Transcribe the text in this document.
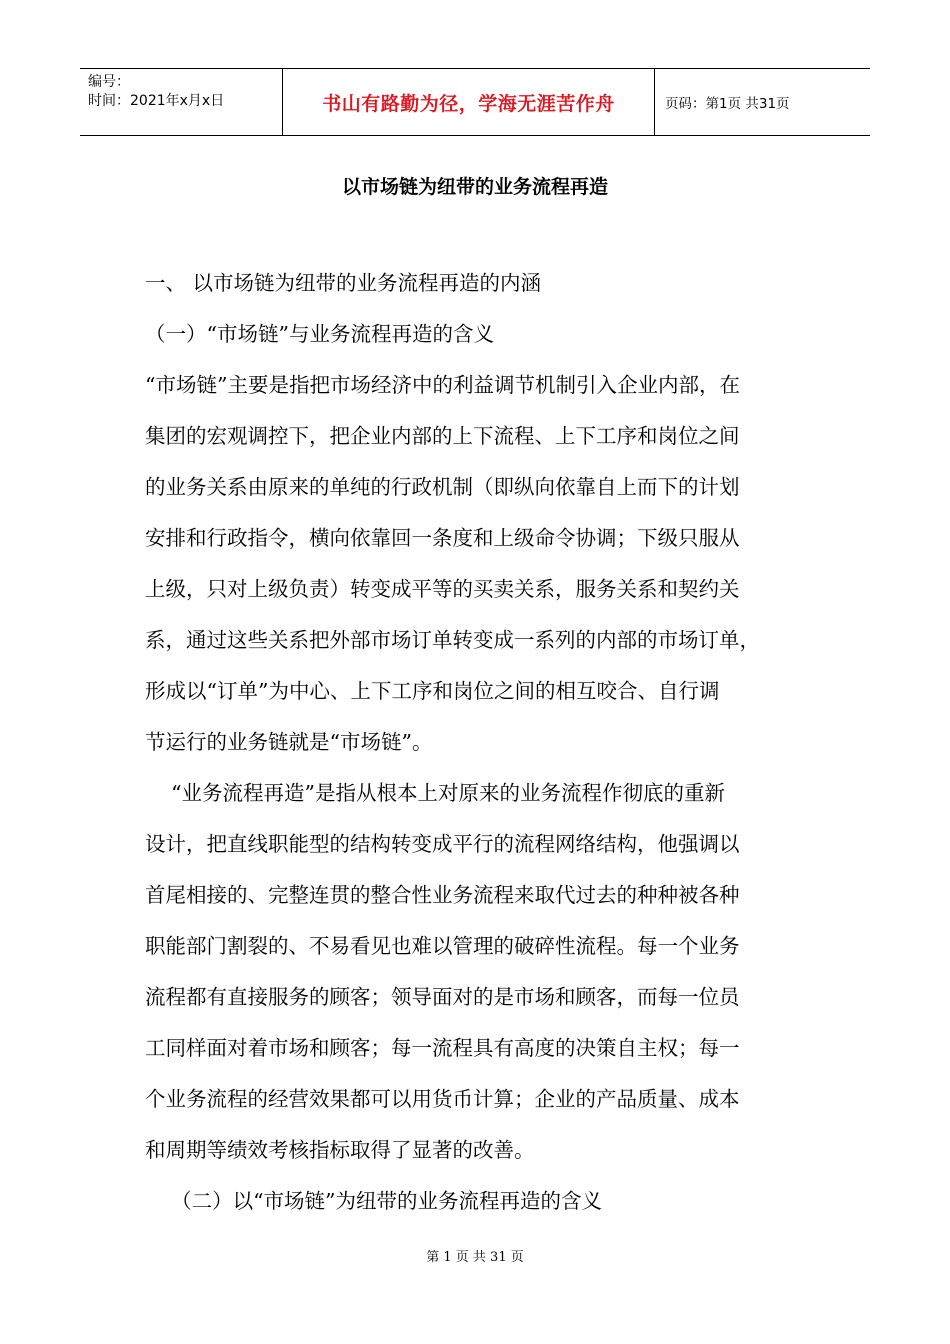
编号：
时间：2021年x月x日	书山有路勤为径，学海无涯苦作舟	页码：第1页 共31页
以市场链为纽带的业务流程再造
一、 以市场链为纽带的业务流程再造的内涵
（一）“市场链”与业务流程再造的含义
“市场链”主要是指把市场经济中的利益调节机制引入企业内部，在
集团的宏观调控下，把企业内部的上下流程、上下工序和岗位之间
的业务关系由原来的单纯的行政机制（即纵向依靠自上而下的计划
安排和行政指令，横向依靠回一条度和上级命令协调；下级只服从
上级，只对上级负责）转变成平等的买卖关系，服务关系和契约关
系，通过这些关系把外部市场订单转变成一系列的内部的市场订单，
形成以“订单”为中心、上下工序和岗位之间的相互咬合、自行调
节运行的业务链就是“市场链”。
“业务流程再造”是指从根本上对原来的业务流程作彻底的重新
设计，把直线职能型的结构转变成平行的流程网络结构，他强调以
首尾相接的、完整连贯的整合性业务流程来取代过去的种种被各种
职能部门割裂的、不易看见也难以管理的破碎性流程。每一个业务
流程都有直接服务的顾客；领导面对的是市场和顾客，而每一位员
工同样面对着市场和顾客；每一流程具有高度的决策自主权；每一
个业务流程的经营效果都可以用货币计算；企业的产品质量、成本
和周期等绩效考核指标取得了显著的改善。
（二）以“市场链”为纽带的业务流程再造的含义
第 1 页 共 31 页
